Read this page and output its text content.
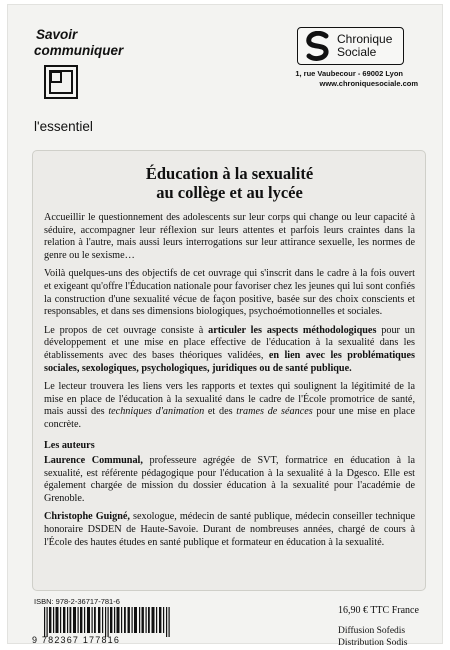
Savoir
communiquer
l'essentiel
Chronique
Sociale
1, rue Vaubecour - 69002 Lyon
www.chroniquesociale.com
Éducation à la sexualité
au collège et au lycée

Accueillir le questionnement des adolescents sur leur corps qui change ou leur capacité à séduire, accompagner leur réflexion sur leurs attentes et parfois leurs craintes dans la relation à l'autre, mais aussi leurs interrogations sur leur attirance sexuelle, les normes de genre ou le sexisme…

Voilà quelques-uns des objectifs de cet ouvrage qui s'inscrit dans le cadre à la fois ouvert et exigeant qu'offre l'Éducation nationale pour favoriser chez les jeunes qui lui sont confiés la construction d'une sexualité vécue de façon positive, basée sur des choix conscients et responsables, et dans ses dimensions biologiques, psychoémotionnelles et sociales.

Le propos de cet ouvrage consiste à articuler les aspects méthodologiques pour un développement et une mise en place effective de l'éducation à la sexualité dans les établissements avec des bases théoriques validées, en lien avec les problématiques sociales, sexologiques, psychologiques, juridiques ou de santé publique.

Le lecteur trouvera les liens vers les rapports et textes qui soulignent la légitimité de la mise en place de l'éducation à la sexualité dans le cadre de l'École promotrice de santé, mais aussi des techniques d'animation et des trames de séances pour une mise en place concrète.

Les auteurs

Laurence Communal, professeure agrégée de SVT, formatrice en éducation à la sexualité, est référente pédagogique pour l'éducation à la sexualité à la Dgesco. Elle est également chargée de mission du dossier éducation à la sexualité pour l'académie de Grenoble.

Christophe Guigné, sexologue, médecin de santé publique, médecin conseiller technique honoraire DSDEN de Haute-Savoie. Durant de nombreuses années, chargé de cours à l'École des hautes études en santé publique et formateur en éducation à la sexualité.

ISBN: 978-2-36717-781-6
9 782367 177816
16,90 € TTC France
Diffusion Sofedis
Distribution Sodis
